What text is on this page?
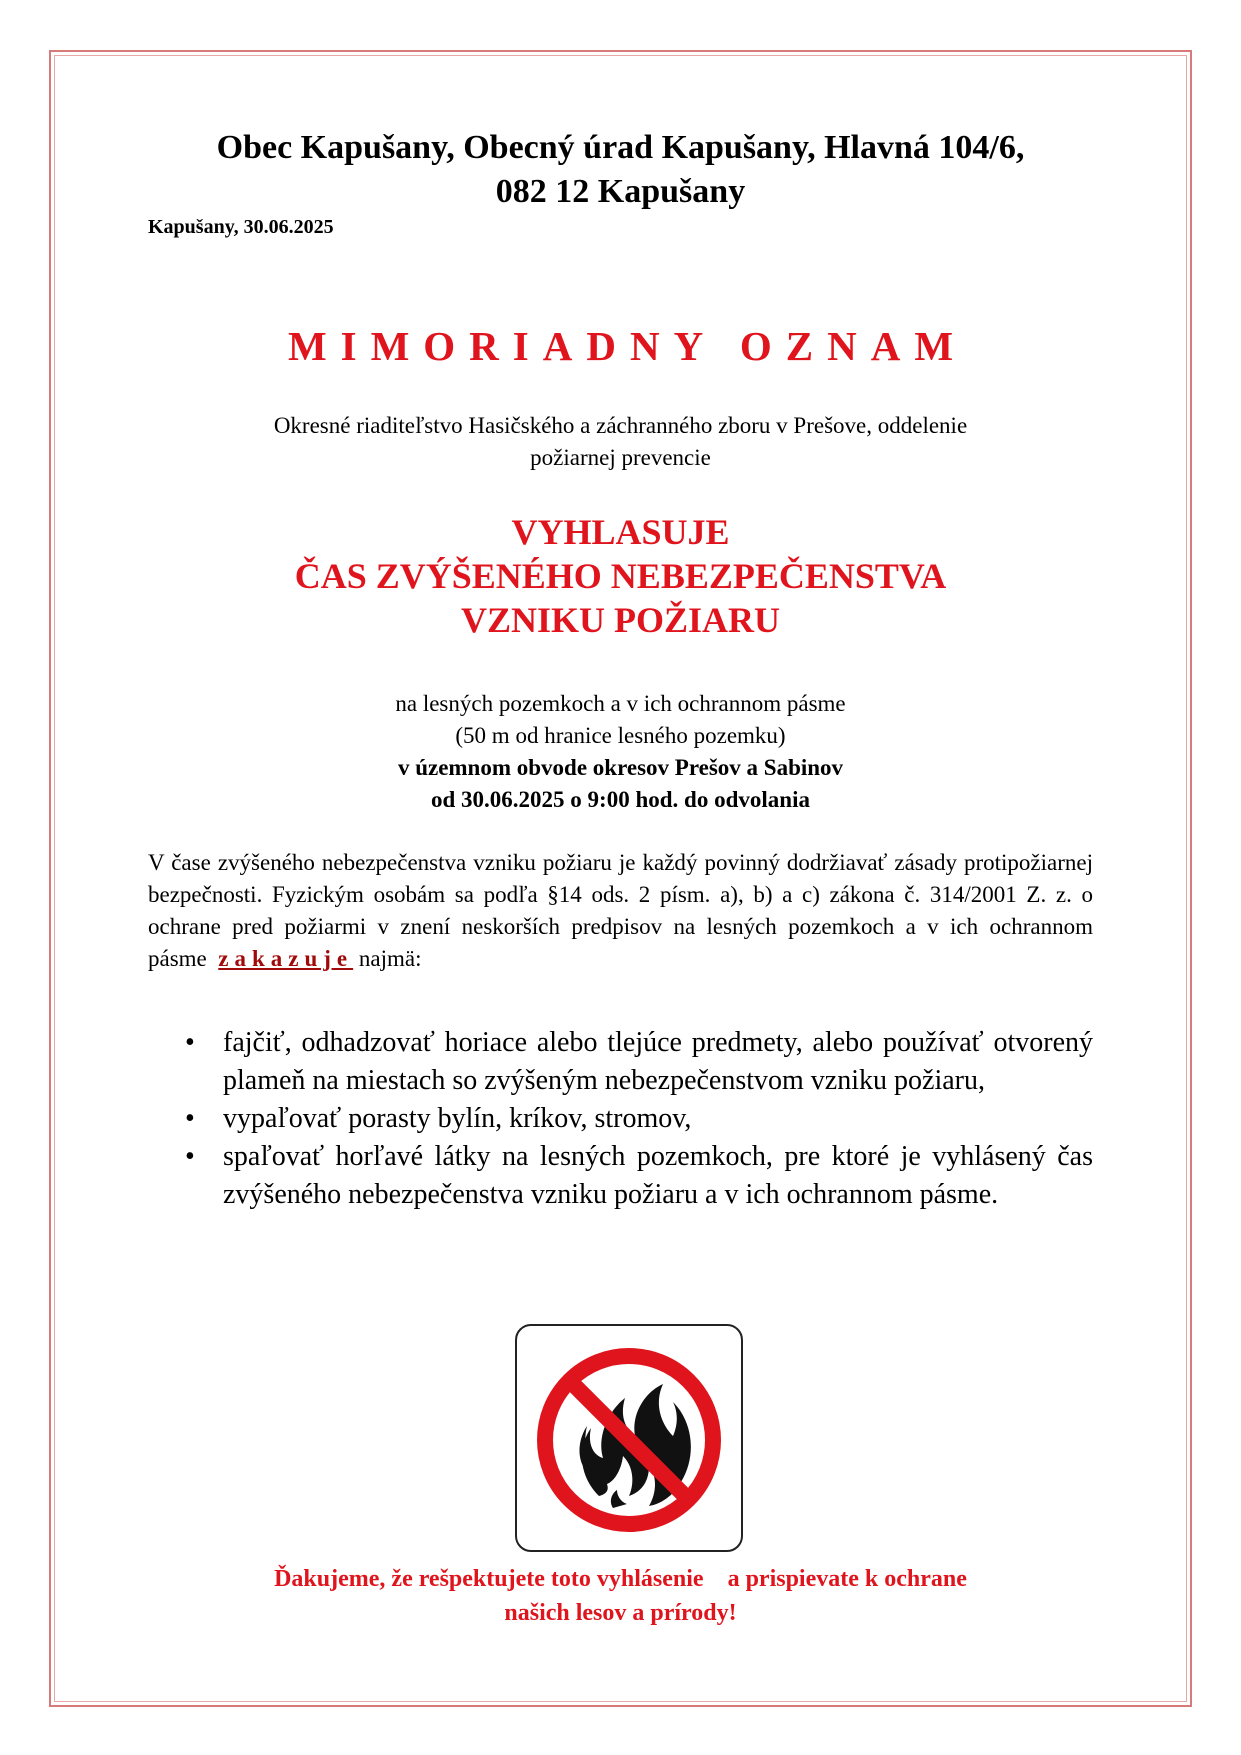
Obec Kapušany, Obecný úrad Kapušany, Hlavná 104/6,
082 12 Kapušany
Kapušany, 30.06.2025
MIMORIADNY OZNAM
Okresné riaditeľstvo Hasičského a záchranného zboru v Prešove, oddelenie
požiarnej prevencie
VYHLASUJE
ČAS ZVÝŠENÉHO NEBEZPEČENSTVA
VZNIKU POŽIARU
na lesných pozemkoch a v ich ochrannom pásme
(50 m od hranice lesného pozemku)
v územnom obvode okresov Prešov a Sabinov
od 30.06.2025 o 9:00 hod. do odvolania
V čase zvýšeného nebezpečenstva vzniku požiaru je každý povinný dodržiavať zásady protipožiarnej bezpečnosti. Fyzickým osobám sa podľa §14 ods. 2 písm. a), b) a c) zákona č. 314/2001 Z. z. o ochrane pred požiarmi v znení neskorších predpisov na lesných pozemkoch a v ich ochrannom pásme zakazuje najmä:
• fajčiť, odhadzovať horiace alebo tlejúce predmety, alebo používať otvorený plameň na miestach so zvýšeným nebezpečenstvom vzniku požiaru,
• vypaľovať porasty bylín, kríkov, stromov,
• spaľovať horľavé látky na lesných pozemkoch, pre ktoré je vyhlásený čas zvýšeného nebezpečenstva vzniku požiaru a v ich ochrannom pásme.
Ďakujeme, že rešpektujete toto vyhlásenie    a prispievate k ochrane
našich lesov a prírody!
